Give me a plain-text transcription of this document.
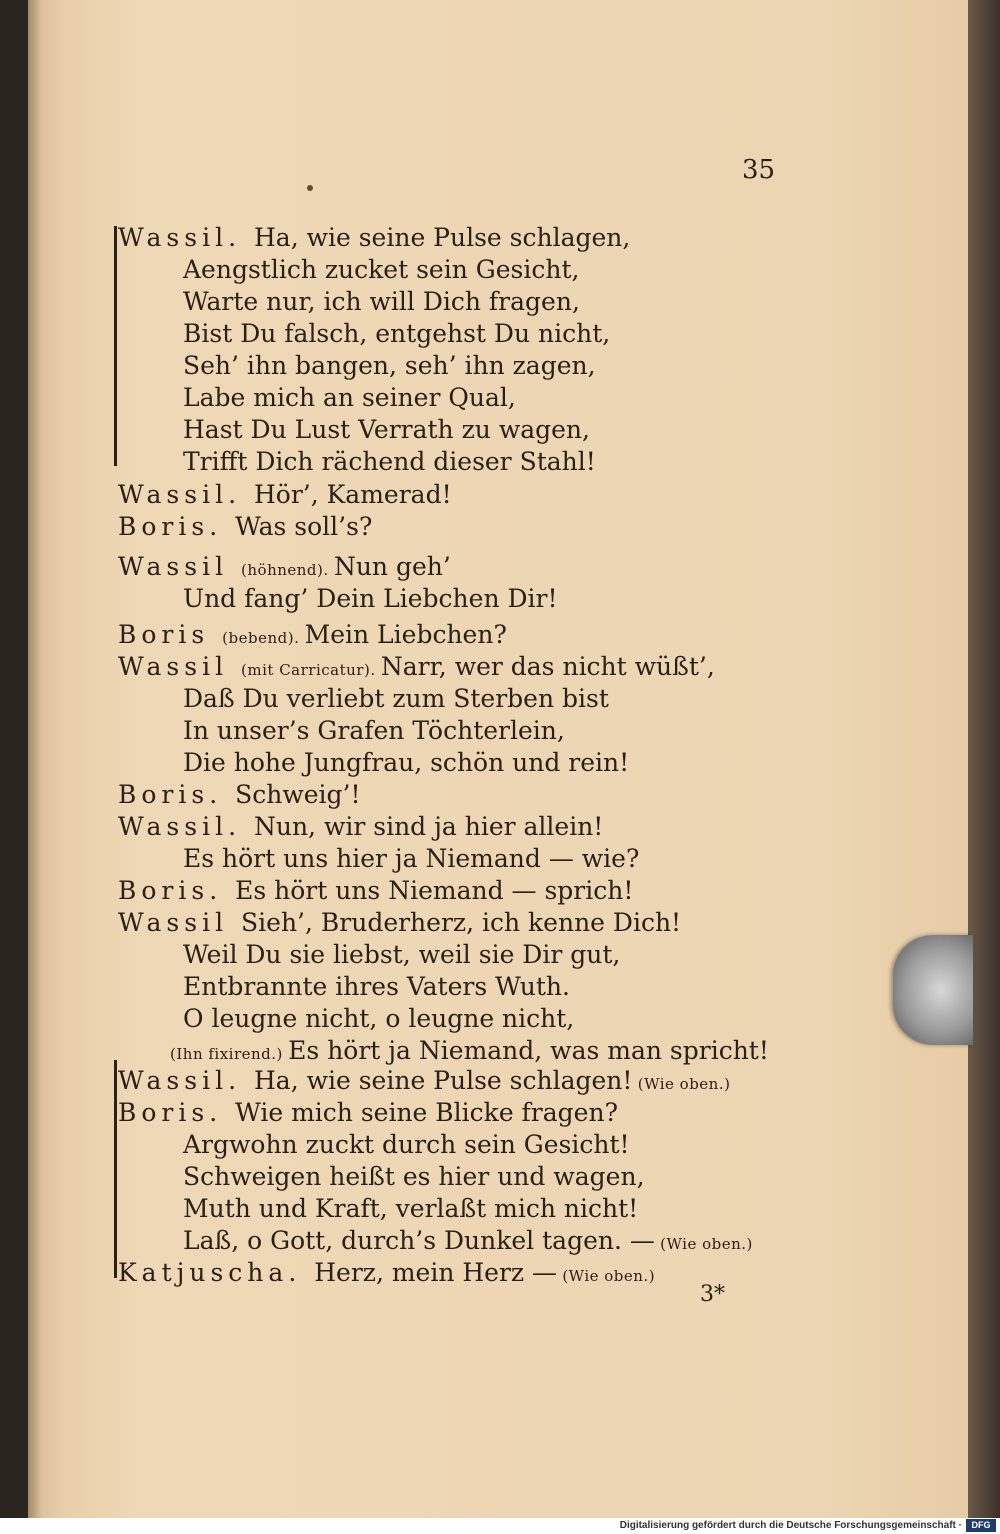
35
Wassil. Ha, wie seine Pulse schlagen,
Aengstlich zucket sein Gesicht,
Warte nur, ich will Dich fragen,
Bist Du falsch, entgehst Du nicht,
Seh’ ihn bangen, seh’ ihn zagen,
Labe mich an seiner Qual,
Hast Du Lust Verrath zu wagen,
Trifft Dich rächend dieser Stahl!
Wassil. Hör’, Kamerad!
Boris. Was soll’s?
Wassil (höhnend). Nun geh’
Und fang’ Dein Liebchen Dir!
Boris (bebend). Mein Liebchen?
Wassil (mit Carricatur). Narr, wer das nicht wüßt’,
Daß Du verliebt zum Sterben bist
In unser’s Grafen Töchterlein,
Die hohe Jungfrau, schön und rein!
Boris. Schweig’!
Wassil. Nun, wir sind ja hier allein!
Es hört uns hier ja Niemand — wie?
Boris. Es hört uns Niemand — sprich!
Wassil Sieh’, Bruderherz, ich kenne Dich!
Weil Du sie liebst, weil sie Dir gut,
Entbrannte ihres Vaters Wuth.
O leugne nicht, o leugne nicht,
(Ihn fixirend.) Es hört ja Niemand, was man spricht!
Wassil. Ha, wie seine Pulse schlagen! (Wie oben.)
Boris. Wie mich seine Blicke fragen?
Argwohn zuckt durch sein Gesicht!
Schweigen heißt es hier und wagen,
Muth und Kraft, verlaßt mich nicht!
Laß, o Gott, durch’s Dunkel tagen. — (Wie oben.)
Katjuscha. Herz, mein Herz — (Wie oben.)
3*
Digitalisierung gefördert durch die Deutsche Forschungsgemeinschaft ·	DFG
